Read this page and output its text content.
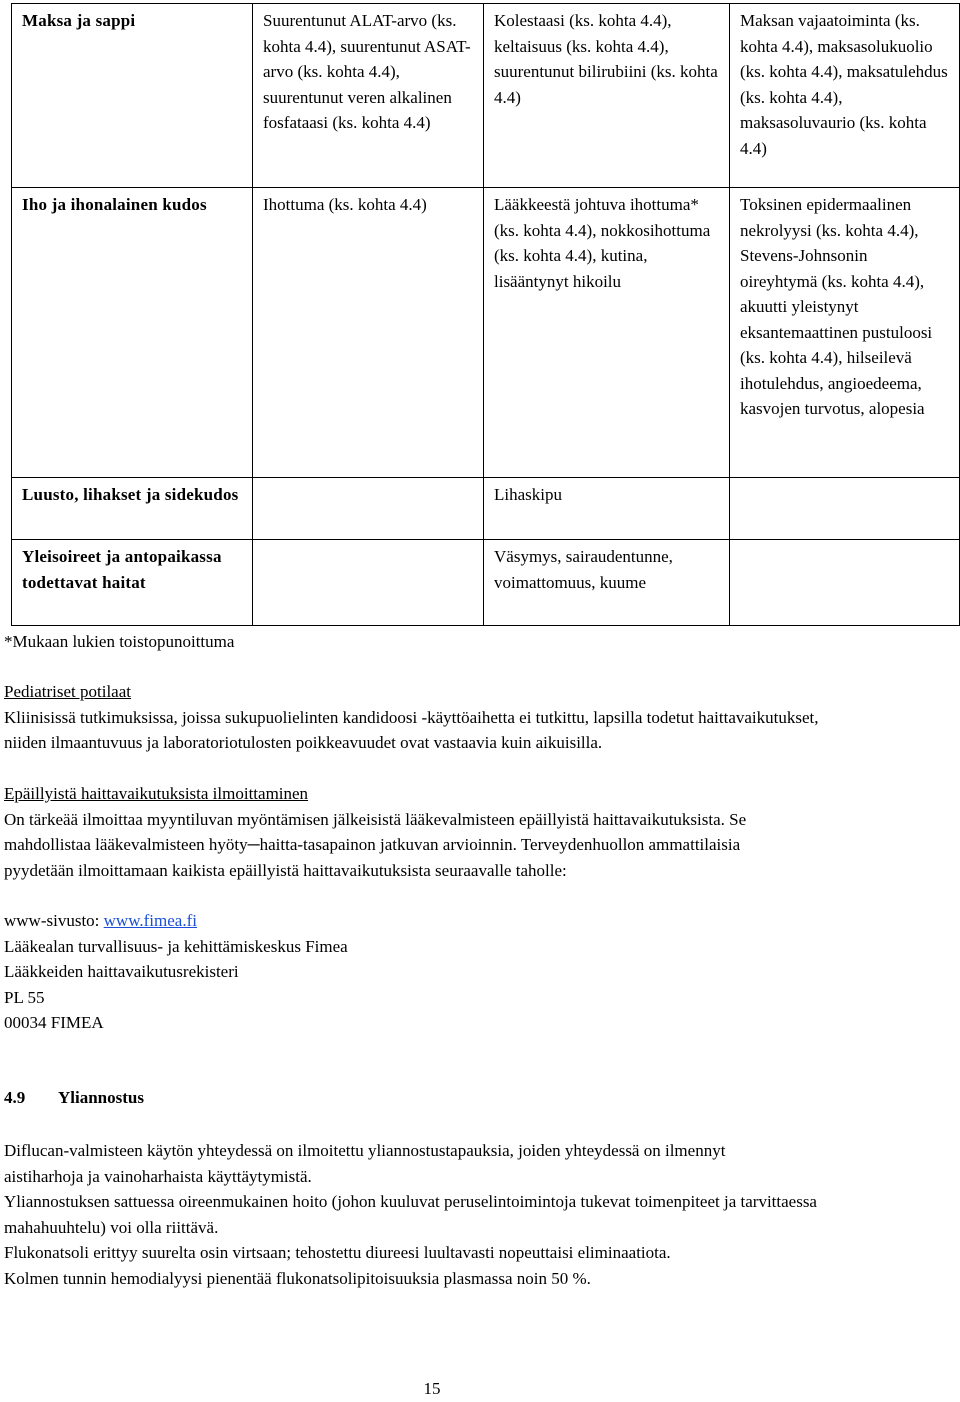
Maksa ja sappi	Suurentunut ALAT-arvo (ks. kohta 4.4), suurentunut ASAT-arvo (ks. kohta 4.4), suurentunut veren alkalinen fosfataasi (ks. kohta 4.4)	Kolestaasi (ks. kohta 4.4), keltaisuus (ks. kohta 4.4), suurentunut bilirubiini (ks. kohta 4.4)	Maksan vajaatoiminta (ks. kohta 4.4), maksasolukuolio (ks. kohta 4.4), maksatulehdus (ks. kohta 4.4), maksasoluvaurio (ks. kohta 4.4)
Iho ja ihonalainen kudos	Ihottuma (ks. kohta 4.4)	Lääkkeestä johtuva ihottuma* (ks. kohta 4.4), nokkosihottuma (ks. kohta 4.4), kutina, lisääntynyt hikoilu	Toksinen epidermaalinen nekrolyysi (ks. kohta 4.4), Stevens-Johnsonin oireyhtymä (ks. kohta 4.4), akuutti yleistynyt eksantemaattinen pustuloosi (ks. kohta 4.4), hilseilevä ihotulehdus, angioedeema, kasvojen turvotus, alopesia
Luusto, lihakset ja sidekudos		Lihaskipu	
Yleisoireet ja antopaikassa todettavat haitat		Väsymys, sairaudentunne, voimattomuus, kuume	
*Mukaan lukien toistopunoittuma

Pediatriset potilaat

Kliinisissä tutkimuksissa, joissa sukupuolielinten kandidoosi -käyttöaihetta ei tutkittu, lapsilla todetut haittavaikutukset, niiden ilmaantuvuus ja laboratoriotulosten poikkeavuudet ovat vastaavia kuin aikuisilla.

Epäillyistä haittavaikutuksista ilmoittaminen

On tärkeää ilmoittaa myyntiluvan myöntämisen jälkeisistä lääkevalmisteen epäillyistä haittavaikutuksista. Se mahdollistaa lääkevalmisteen hyöty─haitta-tasapainon jatkuvan arvioinnin. Terveydenhuollon ammattilaisia pyydetään ilmoittamaan kaikista epäillyistä haittavaikutuksista seuraavalle taholle:

www-sivusto: www.fimea.fi

Lääkealan turvallisuus- ja kehittämiskeskus Fimea

Lääkkeiden haittavaikutusrekisteri

PL 55

00034 FIMEA

4.9 Yliannostus

Diflucan-valmisteen käytön yhteydessä on ilmoitettu yliannostustapauksia, joiden yhteydessä on ilmennyt aistiharhoja ja vainoharhaista käyttäytymistä.

Yliannostuksen sattuessa oireenmukainen hoito (johon kuuluvat peruselintoimintoja tukevat toimenpiteet ja tarvittaessa mahahuuhtelu) voi olla riittävä.

Flukonatsoli erittyy suurelta osin virtsaan; tehostettu diureesi luultavasti nopeuttaisi eliminaatiota.

Kolmen tunnin hemodialyysi pienentää flukonatsolipitoisuuksia plasmassa noin 50 %.

15
